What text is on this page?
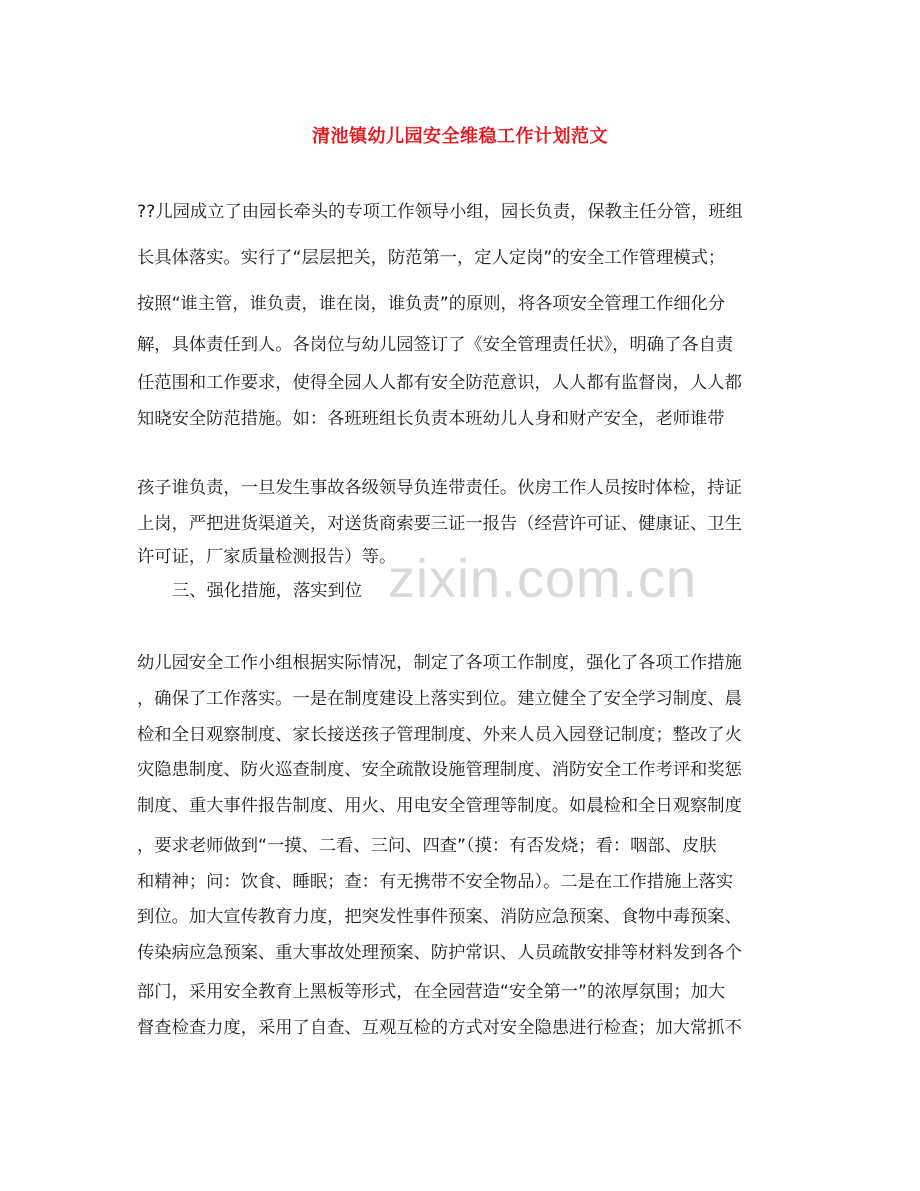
清池镇幼儿园安全维稳工作计划范文
zixin.com.cn

??儿园成立了由园长牵头的专项工作领导小组，园长负责，保教主任分管，班组

长具体落实。实行了“层层把关，防范第一，定人定岗”的安全工作管理模式；

按照“谁主管，谁负责，谁在岗，谁负责”的原则，将各项安全管理工作细化分

解，具体责任到人。各岗位与幼儿园签订了《安全管理责任状》，明确了各自责

任范围和工作要求，使得全园人人都有安全防范意识，人人都有监督岗，人人都

知晓安全防范措施。如：各班班组长负责本班幼儿人身和财产安全，老师谁带

孩子谁负责，一旦发生事故各级领导负连带责任。伙房工作人员按时体检，持证

上岗，严把进货渠道关，对送货商索要三证一报告（经营许可证、健康证、卫生

许可证，厂家质量检测报告）等。

三、强化措施，落实到位

幼儿园安全工作小组根据实际情况，制定了各项工作制度，强化了各项工作措施

，确保了工作落实。一是在制度建设上落实到位。建立健全了安全学习制度、晨

检和全日观察制度、家长接送孩子管理制度、外来人员入园登记制度；整改了火

灾隐患制度、防火巡查制度、安全疏散设施管理制度、消防安全工作考评和奖惩

制度、重大事件报告制度、用火、用电安全管理等制度。如晨检和全日观察制度

，要求老师做到“一摸、二看、三问、四查”（摸：有否发烧；看：咽部、皮肤

和精神；问：饮食、睡眠；查：有无携带不安全物品）。二是在工作措施上落实

到位。加大宣传教育力度，把突发性事件预案、消防应急预案、食物中毒预案、

传染病应急预案、重大事故处理预案、防护常识、人员疏散安排等材料发到各个

部门，采用安全教育上黑板等形式，在全园营造“安全第一”的浓厚氛围；加大

督查检查力度，采用了自查、互观互检的方式对安全隐患进行检查；加大常抓不
